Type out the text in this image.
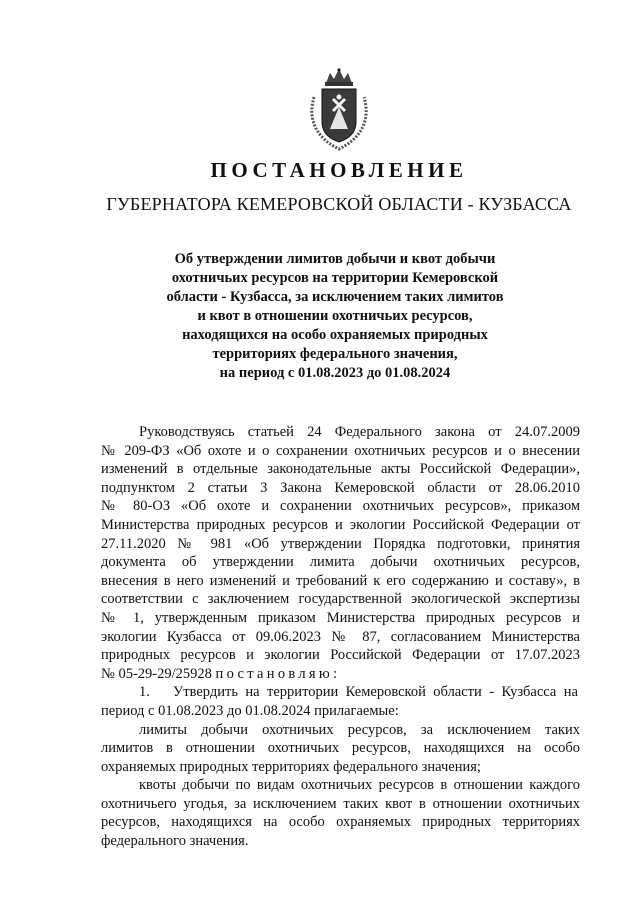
ПОСТАНОВЛЕНИЕ
ГУБЕРНАТОРА КЕМЕРОВСКОЙ ОБЛАСТИ - КУЗБАССА
Об утверждении лимитов добычи и квот добычи
охотничьих ресурсов на территории Кемеровской
области - Кузбасса, за исключением таких лимитов
и квот в отношении охотничьих ресурсов,
находящихся на особо охраняемых природных
территориях федерального значения,
на период с 01.08.2023 до 01.08.2024
Руководствуясь статьей 24 Федерального закона от 24.07.2009
№ 209-ФЗ «Об охоте и о сохранении охотничьих ресурсов и о внесении
изменений в отдельные законодательные акты Российской Федерации»,
подпунктом 2 статьи 3 Закона Кемеровской области от 28.06.2010
№ 80-ОЗ «Об охоте и сохранении охотничьих ресурсов», приказом
Министерства природных ресурсов и экологии Российской Федерации от
27.11.2020 № 981 «Об утверждении Порядка подготовки, принятия
документа об утверждении лимита добычи охотничьих ресурсов,
внесения в него изменений и требований к его содержанию и составу», в
соответствии с заключением государственной экологической экспертизы
№ 1, утвержденным приказом Министерства природных ресурсов и
экологии Кузбасса от 09.06.2023 № 87, согласованием Министерства
природных ресурсов и экологии Российской Федерации от 17.07.2023
№ 05-29-29/25928 постановляю:
1. Утвердить на территории Кемеровской области - Кузбасса на
период с 01.08.2023 до 01.08.2024 прилагаемые:
лимиты добычи охотничьих ресурсов, за исключением таких
лимитов в отношении охотничьих ресурсов, находящихся на особо
охраняемых природных территориях федерального значения;
квоты добычи по видам охотничьих ресурсов в отношении каждого
охотничьего угодья, за исключением таких квот в отношении охотничьих
ресурсов, находящихся на особо охраняемых природных территориях
федерального значения.
